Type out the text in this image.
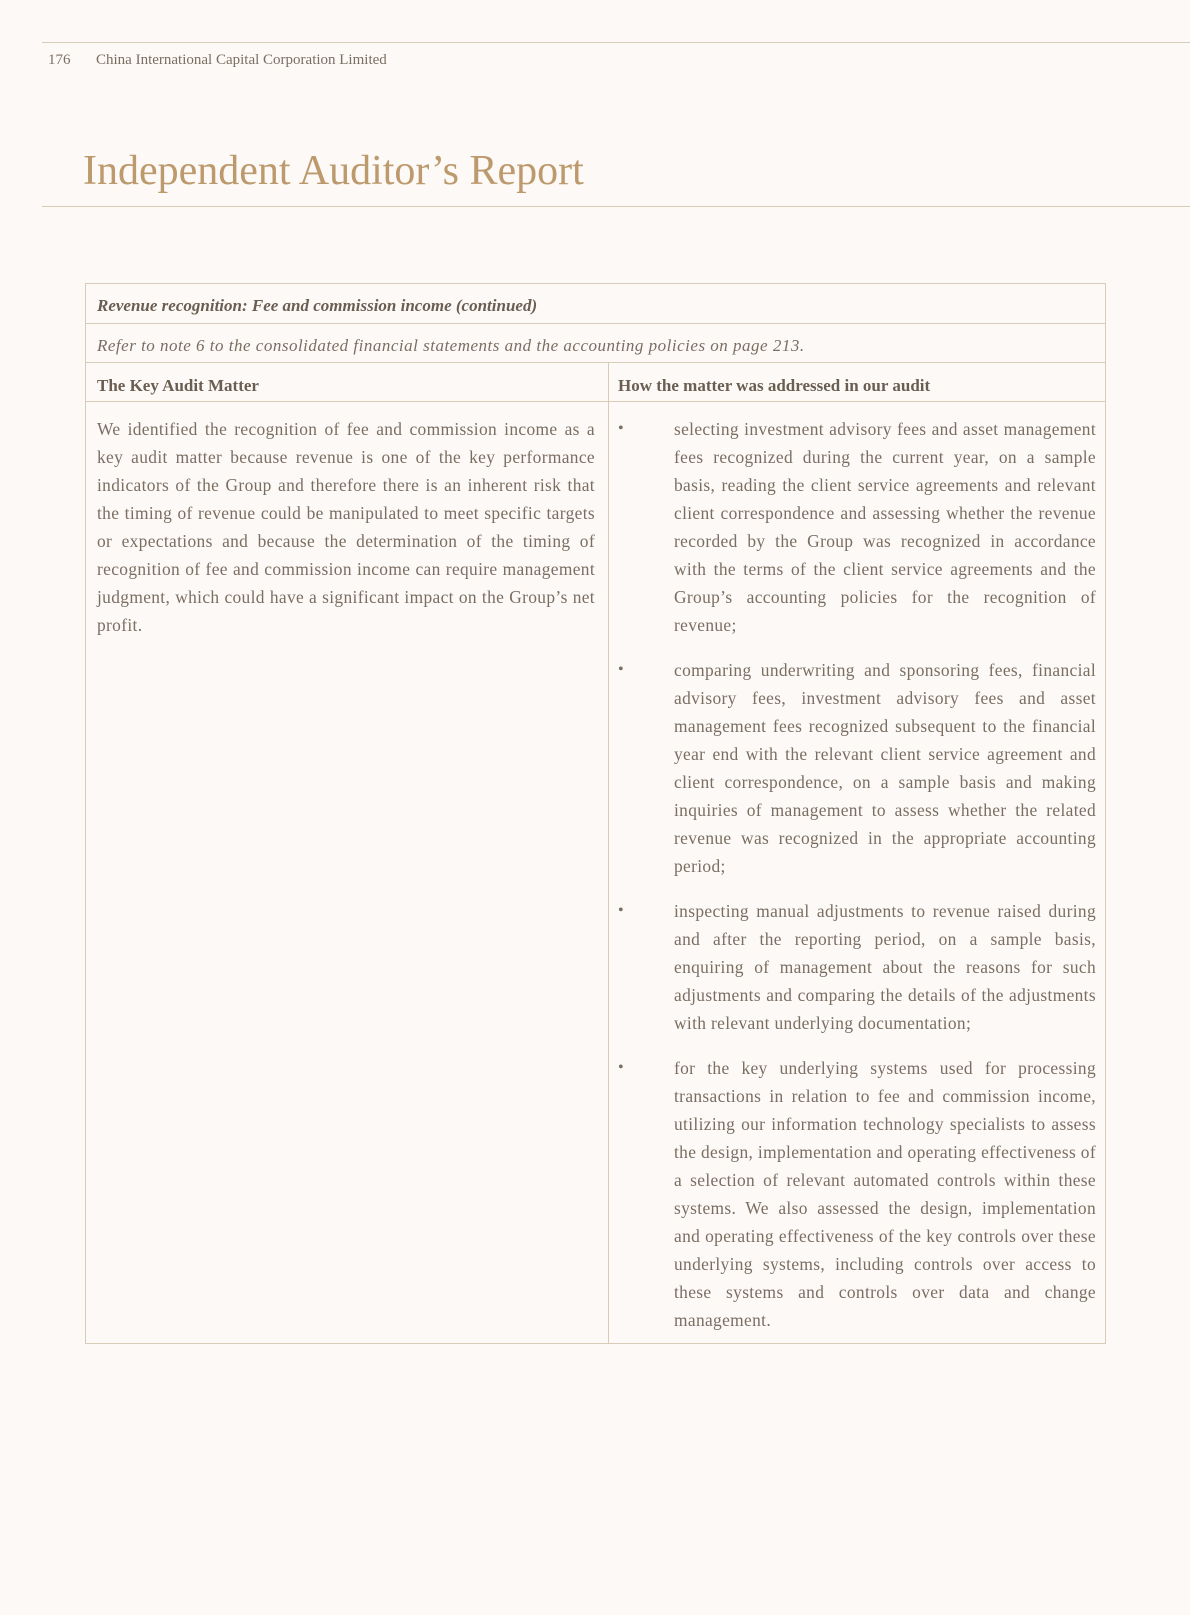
176 China International Capital Corporation Limited
Independent Auditor’s Report
Revenue recognition: Fee and commission income (continued)
Refer to note 6 to the consolidated financial statements and the accounting policies on page 213.
The Key Audit Matter	How the matter was addressed in our audit

We identified the recognition of fee and commission income as a key audit matter because revenue is one of the key performance indicators of the Group and therefore there is an inherent risk that the timing of revenue could be manipulated to meet specific targets or expectations and because the determination of the timing of recognition of fee and commission income can require management judgment, which could have a significant impact on the Group’s net profit.

•	selecting investment advisory fees and asset management fees recognized during the current year, on a sample basis, reading the client service agreements and relevant client correspondence and assessing whether the revenue recorded by the Group was recognized in accordance with the terms of the client service agreements and the Group’s accounting policies for the recognition of revenue;
•	comparing underwriting and sponsoring fees, financial advisory fees, investment advisory fees and asset management fees recognized subsequent to the financial year end with the relevant client service agreement and client correspondence, on a sample basis and making inquiries of management to assess whether the related revenue was recognized in the appropriate accounting period;
•	inspecting manual adjustments to revenue raised during and after the reporting period, on a sample basis, enquiring of management about the reasons for such adjustments and comparing the details of the adjustments with relevant underlying documentation;
•	for the key underlying systems used for processing transactions in relation to fee and commission income, utilizing our information technology specialists to assess the design, implementation and operating effectiveness of a selection of relevant automated controls within these systems. We also assessed the design, implementation and operating effectiveness of the key controls over these underlying systems, including controls over access to these systems and controls over data and change management.
